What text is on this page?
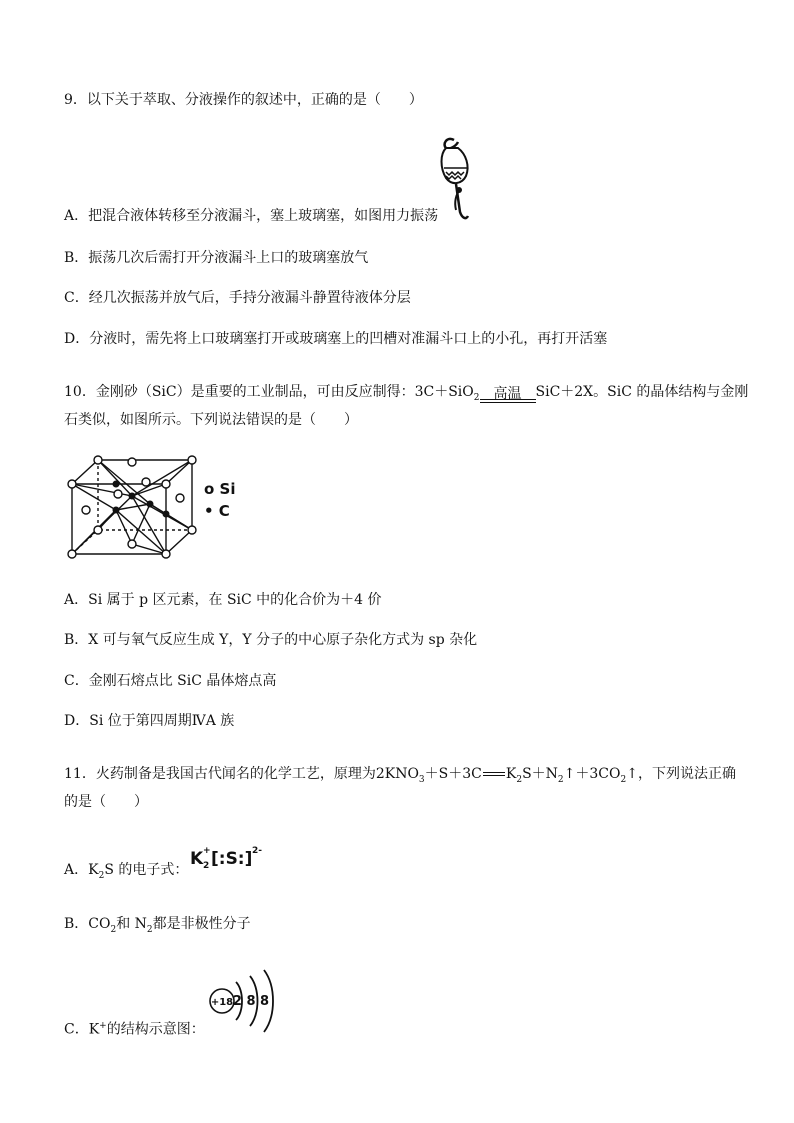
9．以下关于萃取、分液操作的叙述中，正确的是（　　）
A．把混合液体转移至分液漏斗，塞上玻璃塞，如图用力振荡
B．振荡几次后需打开分液漏斗上口的玻璃塞放气
C．经几次振荡并放气后，手持分液漏斗静置待液体分层
D．分液时，需先将上口玻璃塞打开或玻璃塞上的凹槽对准漏斗口上的小孔，再打开活塞
10．金刚砂（SiC）是重要的工业制品，可由反应制得：3C＋SiO$_2$	高温	SiC＋2X。SiC 的晶体结构与金刚
石类似，如图所示。下列说法错误的是（　　）
o Si
• C
A．Si 属于 p 区元素，在 SiC 中的化合价为＋4 价
B．X 可与氧气反应生成 Y，Y 分子的中心原子杂化方式为 sp 杂化
C．金刚石熔点比 SiC 晶体熔点高
D．Si 位于第四周期ⅣA 族
11．火药制备是我国古代闻名的化学工艺，原理为$2KNO_3+S+3C$ $K_2S+N_2↑+3CO_2↑$，下列说法正确
的是（　　）
A．$K_2S$ 的电子式：
K +
2 [:S:] 2-
B．$CO_2$和 $N_2$都是非极性分子
C．K+的结构示意图：
+18 2 8 8
